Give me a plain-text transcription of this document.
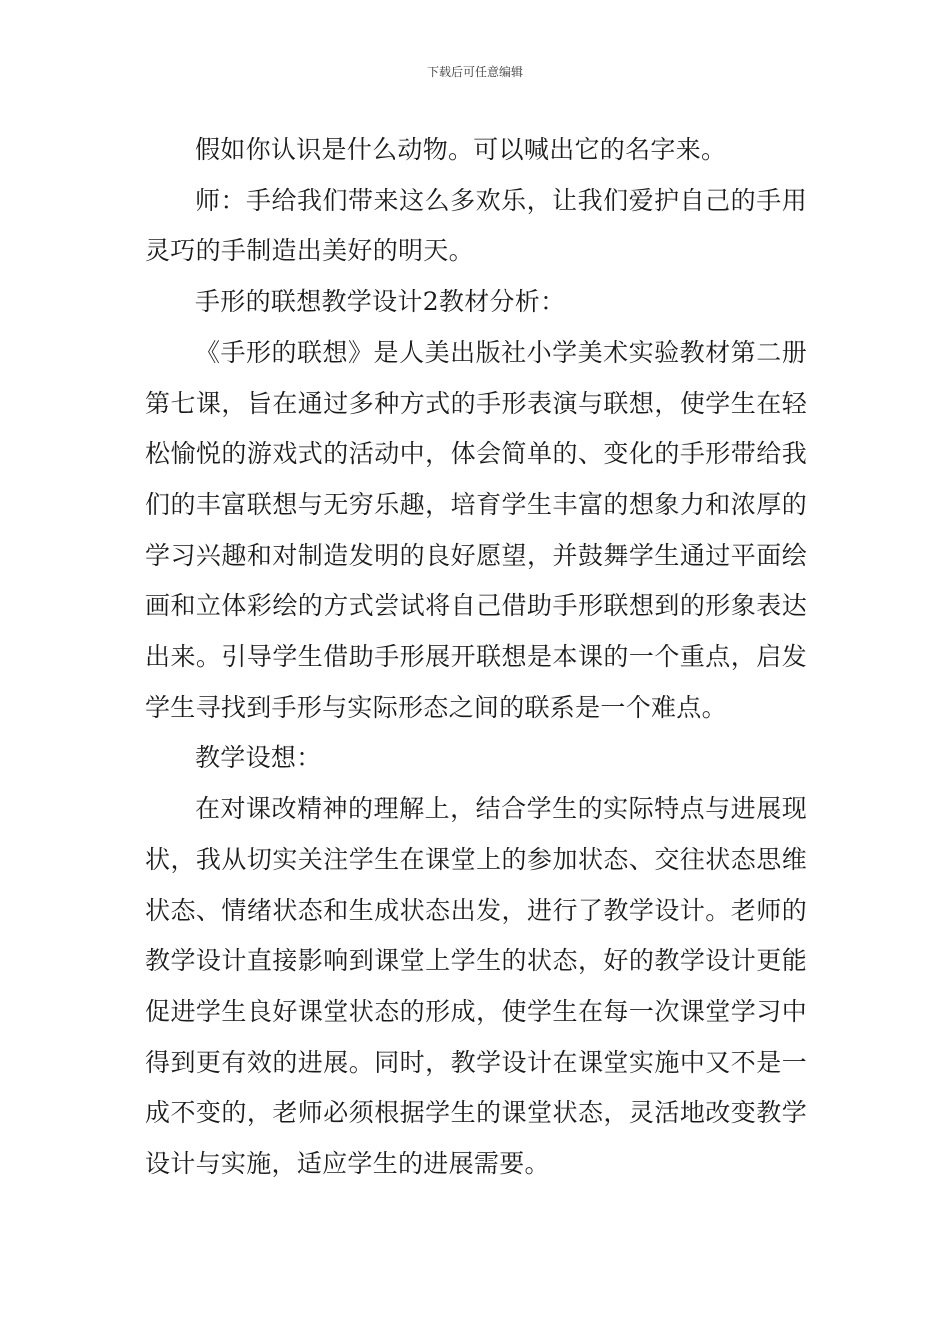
下载后可任意编辑

假如你认识是什么动物。可以喊出它的名字来。

师：手给我们带来这么多欢乐，让我们爱护自己的手用灵巧的手制造出美好的明天。

手形的联想教学设计2教材分析：

《手形的联想》是人美出版社小学美术实验教材第二册第七课，旨在通过多种方式的手形表演与联想，使学生在轻松愉悦的游戏式的活动中，体会简单的、变化的手形带给我们的丰富联想与无穷乐趣，培育学生丰富的想象力和浓厚的学习兴趣和对制造发明的良好愿望，并鼓舞学生通过平面绘画和立体彩绘的方式尝试将自己借助手形联想到的形象表达出来。引导学生借助手形展开联想是本课的一个重点，启发学生寻找到手形与实际形态之间的联系是一个难点。

教学设想：

在对课改精神的理解上，结合学生的实际特点与进展现状，我从切实关注学生在课堂上的参加状态、交往状态思维状态、情绪状态和生成状态出发，进行了教学设计。老师的教学设计直接影响到课堂上学生的状态，好的教学设计更能促进学生良好课堂状态的形成，使学生在每一次课堂学习中得到更有效的进展。同时，教学设计在课堂实施中又不是一成不变的，老师必须根据学生的课堂状态，灵活地改变教学设计与实施，适应学生的进展需要。
